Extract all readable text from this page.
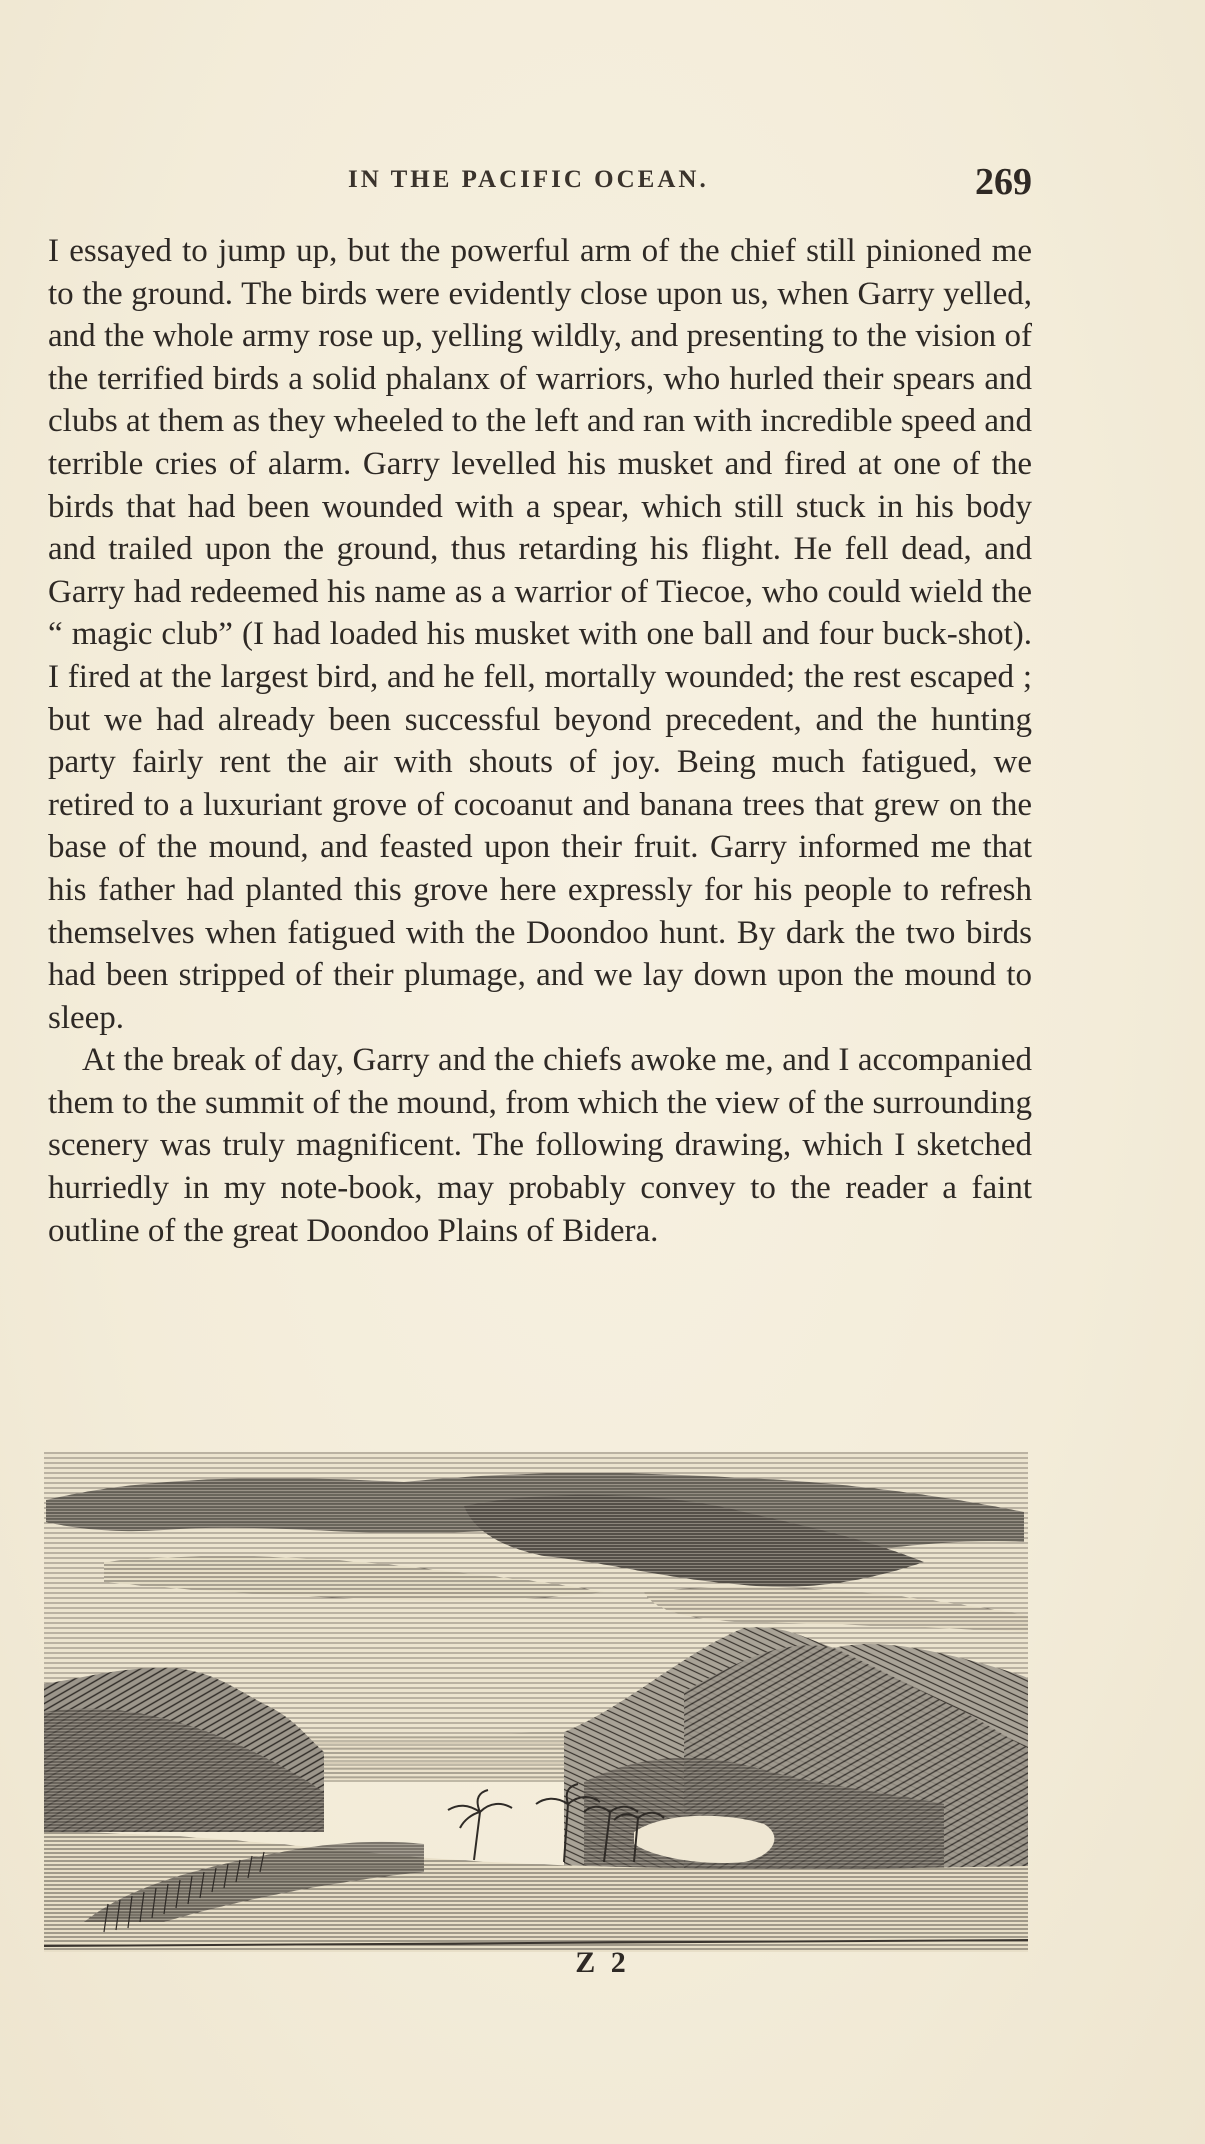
IN THE PACIFIC OCEAN.	269

I essayed to jump up, but the powerful arm of the chief still pinioned me to the ground. The birds were evidently close upon us, when Garry yelled, and the whole army rose up, yelling wildly, and presenting to the vision of the terrified birds a solid phalanx of warriors, who hurled their spears and clubs at them as they wheeled to the left and ran with incredible speed and terrible cries of alarm. Garry levelled his musket and fired at one of the birds that had been wounded with a spear, which still stuck in his body and trailed upon the ground, thus retarding his flight. He fell dead, and Garry had redeemed his name as a warrior of Tiecoe, who could wield the “ magic club” (I had loaded his musket with one ball and four buck-shot). I fired at the largest bird, and he fell, mortally wounded; the rest escaped ; but we had already been successful beyond precedent, and the hunting party fairly rent the air with shouts of joy. Being much fatigued, we retired to a luxuriant grove of cocoanut and banana trees that grew on the base of the mound, and feasted upon their fruit. Garry informed me that his father had planted this grove here expressly for his people to refresh themselves when fatigued with the Doondoo hunt. By dark the two birds had been stripped of their plumage, and we lay down upon the mound to sleep.

At the break of day, Garry and the chiefs awoke me, and I accompanied them to the summit of the mound, from which the view of the surrounding scenery was truly magnificent. The following drawing, which I sketched hurriedly in my note-book, may probably convey to the reader a faint outline of the great Doondoo Plains of Bidera.

Z 2
